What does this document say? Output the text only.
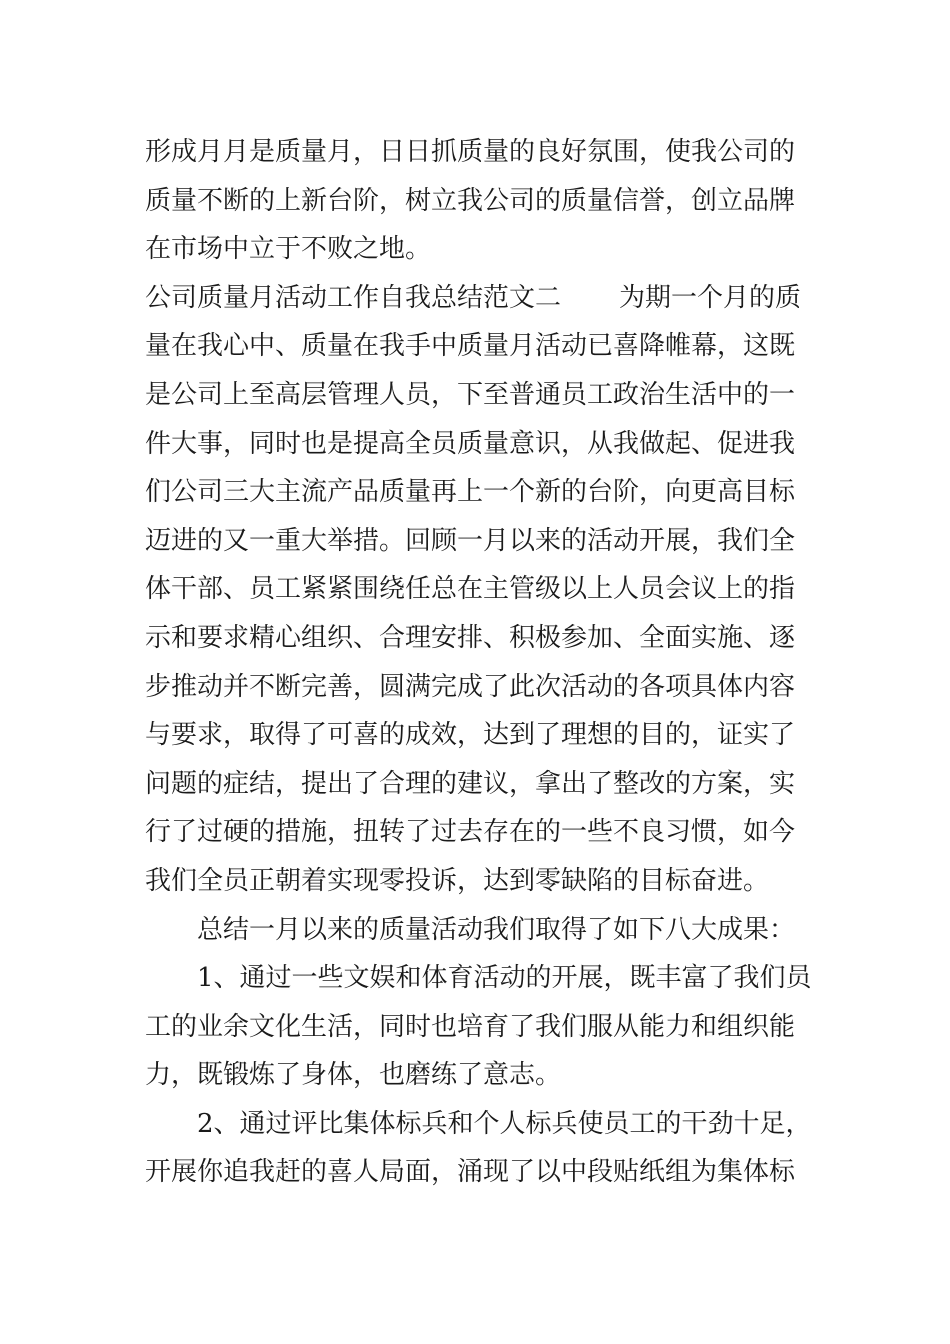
形成月月是质量月，日日抓质量的良好氛围，使我公司的
质量不断的上新台阶，树立我公司的质量信誉，创立品牌
在市场中立于不败之地。
公司质量月活动工作自我总结范文二 为期一个月的质
量在我心中、质量在我手中质量月活动已喜降帷幕，这既
是公司上至高层管理人员，下至普通员工政治生活中的一
件大事，同时也是提高全员质量意识，从我做起、促进我
们公司三大主流产品质量再上一个新的台阶，向更高目标
迈进的又一重大举措。回顾一月以来的活动开展，我们全
体干部、员工紧紧围绕任总在主管级以上人员会议上的指
示和要求精心组织、合理安排、积极参加、全面实施、逐
步推动并不断完善，圆满完成了此次活动的各项具体内容
与要求，取得了可喜的成效，达到了理想的目的，证实了
问题的症结，提出了合理的建议，拿出了整改的方案，实
行了过硬的措施，扭转了过去存在的一些不良习惯，如今
我们全员正朝着实现零投诉，达到零缺陷的目标奋进。
总结一月以来的质量活动我们取得了如下八大成果：
1、通过一些文娱和体育活动的开展，既丰富了我们员
工的业余文化生活，同时也培育了我们服从能力和组织能
力，既锻炼了身体，也磨练了意志。
2、通过评比集体标兵和个人标兵使员工的干劲十足，
开展你追我赶的喜人局面，涌现了以中段贴纸组为集体标
